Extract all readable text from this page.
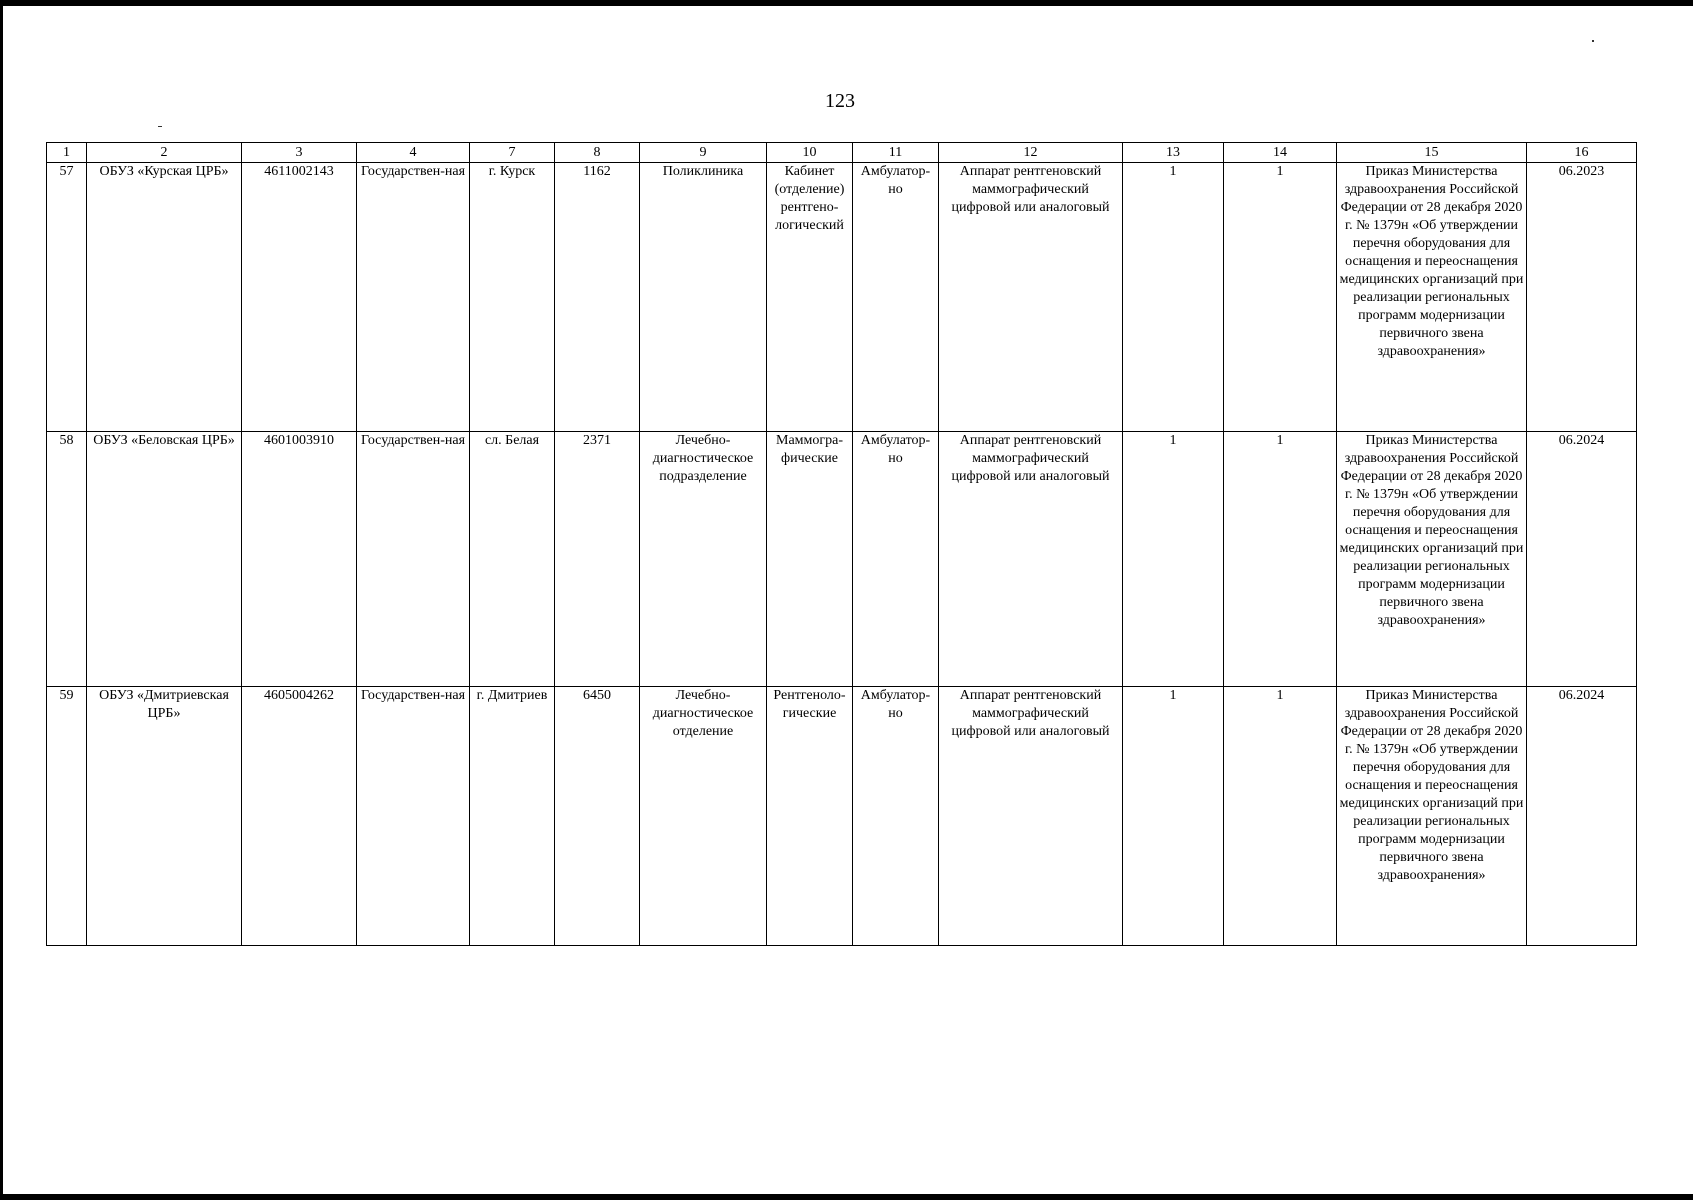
123
1	2	3	4	7	8	9	10	11	12	13	14	15	16
57	ОБУЗ «Курская ЦРБ»	4611002143	Государствен-ная	г. Курск	1162	Поликлиника	Кабинет (отделение) рентгено-логический	Амбулатор-но	Аппарат рентгеновский маммографический цифровой или аналоговый	1	1	Приказ Министерства здравоохранения Российской Федерации от 28 декабря 2020 г. № 1379н «Об утверждении перечня оборудования для оснащения и переоснащения медицинских организаций при реализации региональных программ модернизации первичного звена здравоохранения»	06.2023
58	ОБУЗ «Беловская ЦРБ»	4601003910	Государствен-ная	сл. Белая	2371	Лечебно-диагностическое подразделение	Маммогра-фические	Амбулатор-но	Аппарат рентгеновский маммографический цифровой или аналоговый	1	1	Приказ Министерства здравоохранения Российской Федерации от 28 декабря 2020 г. № 1379н «Об утверждении перечня оборудования для оснащения и переоснащения медицинских организаций при реализации региональных программ модернизации первичного звена здравоохранения»	06.2024
59	ОБУЗ «Дмитриевская ЦРБ»	4605004262	Государствен-ная	г. Дмитриев	6450	Лечебно-диагностическое отделение	Рентгеноло-гические	Амбулатор-но	Аппарат рентгеновский маммографический цифровой или аналоговый	1	1	Приказ Министерства здравоохранения Российской Федерации от 28 декабря 2020 г. № 1379н «Об утверждении перечня оборудования для оснащения и переоснащения медицинских организаций при реализации региональных программ модернизации первичного звена здравоохранения»	06.2024
